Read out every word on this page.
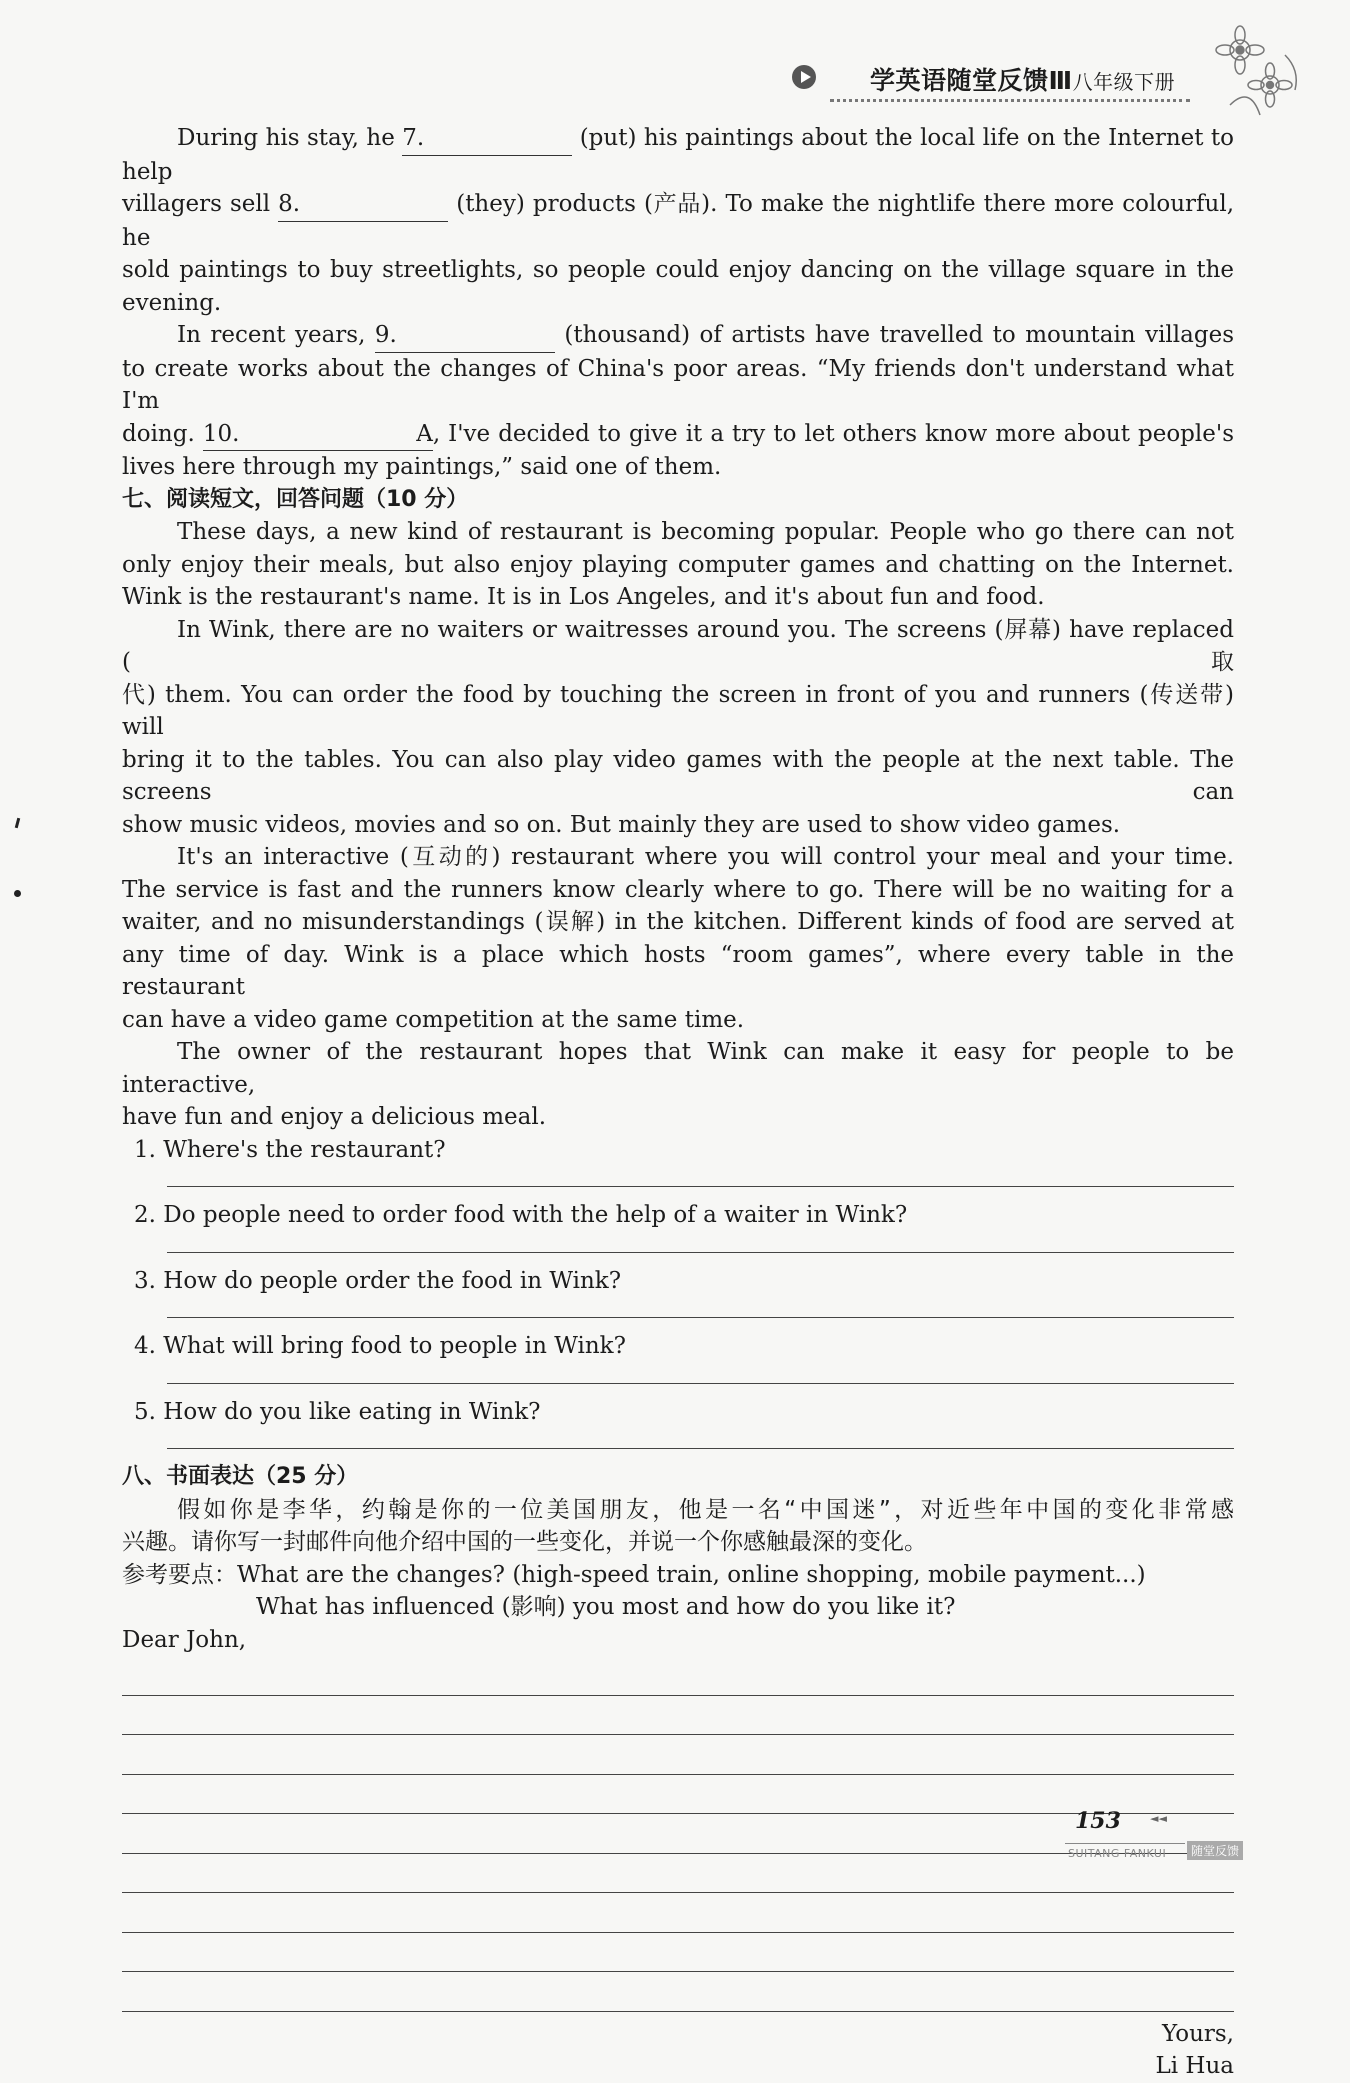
学英语随堂反馈Ⅲ八年级下册

During his stay, he 7.	(put) his paintings about the local life on the Internet to help

villagers sell 8.	(they) products (产品). To make the nightlife there more colourful, he

sold paintings to buy streetlights, so people could enjoy dancing on the village square in the evening.

In recent years, 9.	(thousand) of artists have travelled to mountain villages

to create works about the changes of China's poor areas. “My friends don't understand what I'm

doing. 10. A, I've decided to give it a try to let others know more about people's

lives here through my paintings,” said one of them.

七、阅读短文，回答问题（10 分）

These days, a new kind of restaurant is becoming popular. People who go there can not

only enjoy their meals, but also enjoy playing computer games and chatting on the Internet.

Wink is the restaurant's name. It is in Los Angeles, and it's about fun and food.

In Wink, there are no waiters or waitresses around you. The screens (屏幕) have replaced (取

代) them. You can order the food by touching the screen in front of you and runners (传送带) will

bring it to the tables. You can also play video games with the people at the next table. The screens can

show music videos, movies and so on. But mainly they are used to show video games.

It's an interactive (互动的) restaurant where you will control your meal and your time.

The service is fast and the runners know clearly where to go. There will be no waiting for a

waiter, and no misunderstandings (误解) in the kitchen. Different kinds of food are served at

any time of day. Wink is a place which hosts “room games”, where every table in the restaurant

can have a video game competition at the same time.

The owner of the restaurant hopes that Wink can make it easy for people to be interactive,

have fun and enjoy a delicious meal.

1. Where's the restaurant?

2. Do people need to order food with the help of a waiter in Wink?

3. How do people order the food in Wink?

4. What will bring food to people in Wink?

5. How do you like eating in Wink?

八、书面表达（25 分）

假如你是李华，约翰是你的一位美国朋友，他是一名“中国迷”，对近些年中国的变化非常感

兴趣。请你写一封邮件向他介绍中国的一些变化，并说一个你感触最深的变化。

参考要点：What are the changes? (high-speed train, online shopping, mobile payment...)

What has influenced (影响) you most and how do you like it?

Dear John,

Yours,

Li Hua

153	◄◄
SUITANG FANKUI	随堂反馈
